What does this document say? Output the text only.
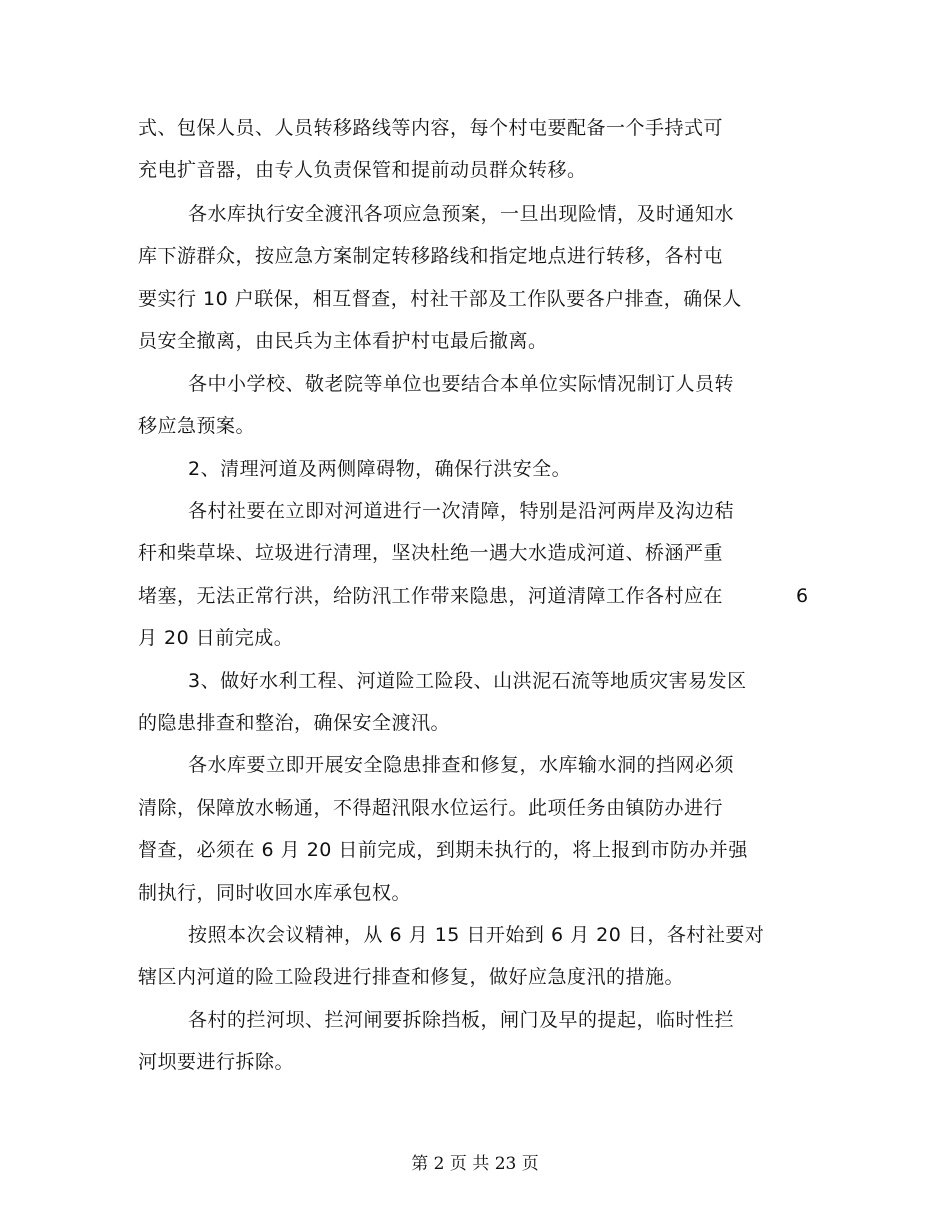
式、包保人员、人员转移路线等内容，每个村屯要配备一个手持式可
充电扩音器，由专人负责保管和提前动员群众转移。
各水库执行安全渡汛各项应急预案，一旦出现险情，及时通知水
库下游群众，按应急方案制定转移路线和指定地点进行转移，各村屯
要实行 10 户联保，相互督查，村社干部及工作队要各户排查，确保人
员安全撤离，由民兵为主体看护村屯最后撤离。
各中小学校、敬老院等单位也要结合本单位实际情况制订人员转
移应急预案。
2、清理河道及两侧障碍物，确保行洪安全。
各村社要在立即对河道进行一次清障，特别是沿河两岸及沟边秸
秆和柴草垛、垃圾进行清理，坚决杜绝一遇大水造成河道、桥涵严重
堵塞，无法正常行洪，给防汛工作带来隐患，河道清障工作各村应在	6
月 20 日前完成。
3、做好水利工程、河道险工险段、山洪泥石流等地质灾害易发区
的隐患排查和整治，确保安全渡汛。
各水库要立即开展安全隐患排查和修复，水库输水洞的挡网必须
清除，保障放水畅通，不得超汛限水位运行。此项任务由镇防办进行
督查，必须在 6 月 20 日前完成，到期未执行的，将上报到市防办并强
制执行，同时收回水库承包权。
按照本次会议精神，从 6 月 15 日开始到 6 月 20 日，各村社要对
辖区内河道的险工险段进行排查和修复，做好应急度汛的措施。
各村的拦河坝、拦河闸要拆除挡板，闸门及早的提起，临时性拦
河坝要进行拆除。
第 2 页 共 23 页
